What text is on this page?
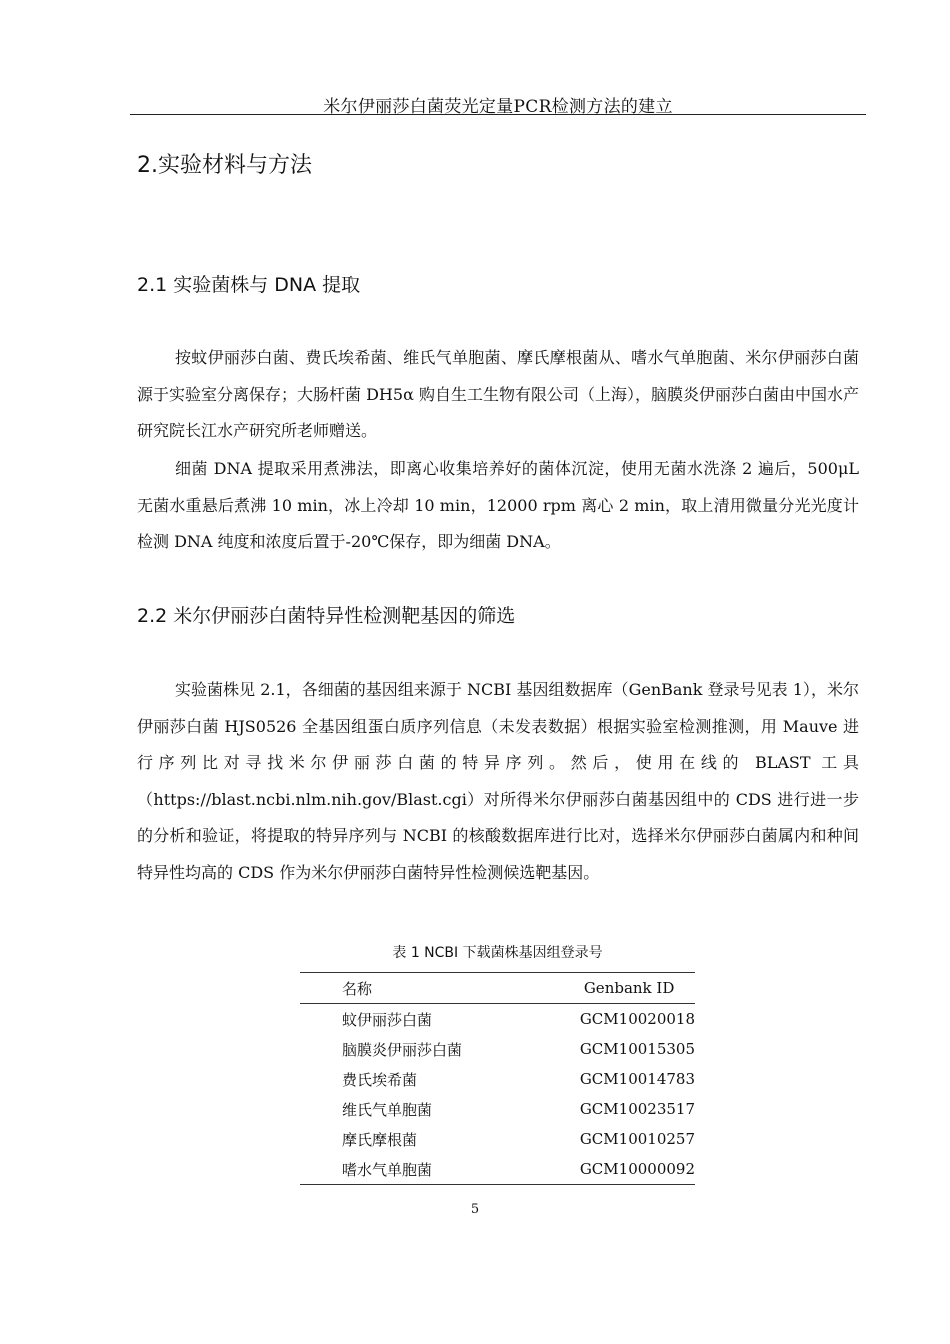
米尔伊丽莎白菌荧光定量PCR检测方法的建立
2.实验材料与方法
2.1 实验菌株与 DNA 提取

按蚊伊丽莎白菌、费氏埃希菌、维氏气单胞菌、摩氏摩根菌从、嗜水气单胞菌、米尔伊丽莎白菌源于实验室分离保存；大肠杆菌 DH5α 购自生工生物有限公司（上海），脑膜炎伊丽莎白菌由中国水产研究院长江水产研究所老师赠送。

细菌 DNA 提取采用煮沸法，即离心收集培养好的菌体沉淀，使用无菌水洗涤 2 遍后，500μL 无菌水重悬后煮沸 10 min，冰上冷却 10 min，12000 rpm 离心 2 min，取上清用微量分光光度计检测 DNA 纯度和浓度后置于-20℃保存，即为细菌 DNA。

2.2 米尔伊丽莎白菌特异性检测靶基因的筛选

实验菌株见 2.1，各细菌的基因组来源于 NCBI 基因组数据库（GenBank 登录号见表 1），米尔伊丽莎白菌 HJS0526 全基因组蛋白质序列信息（未发表数据）根据实验室检测推测，用 Mauve 进行序列比对寻找米尔伊丽莎白菌的特异序列。然后，使用在线的 BLAST 工具（https://blast.ncbi.nlm.nih.gov/Blast.cgi）对所得米尔伊丽莎白菌基因组中的 CDS 进行进一步的分析和验证，将提取的特异序列与 NCBI 的核酸数据库进行比对，选择米尔伊丽莎白菌属内和种间特异性均高的 CDS 作为米尔伊丽莎白菌特异性检测候选靶基因。

表 1 NCBI 下载菌株基因组登录号
名称	Genbank ID
蚊伊丽莎白菌	GCM10020018
脑膜炎伊丽莎白菌	GCM10015305
费氏埃希菌	GCM10014783
维氏气单胞菌	GCM10023517
摩氏摩根菌	GCM10010257
嗜水气单胞菌	GCM10000092
5
